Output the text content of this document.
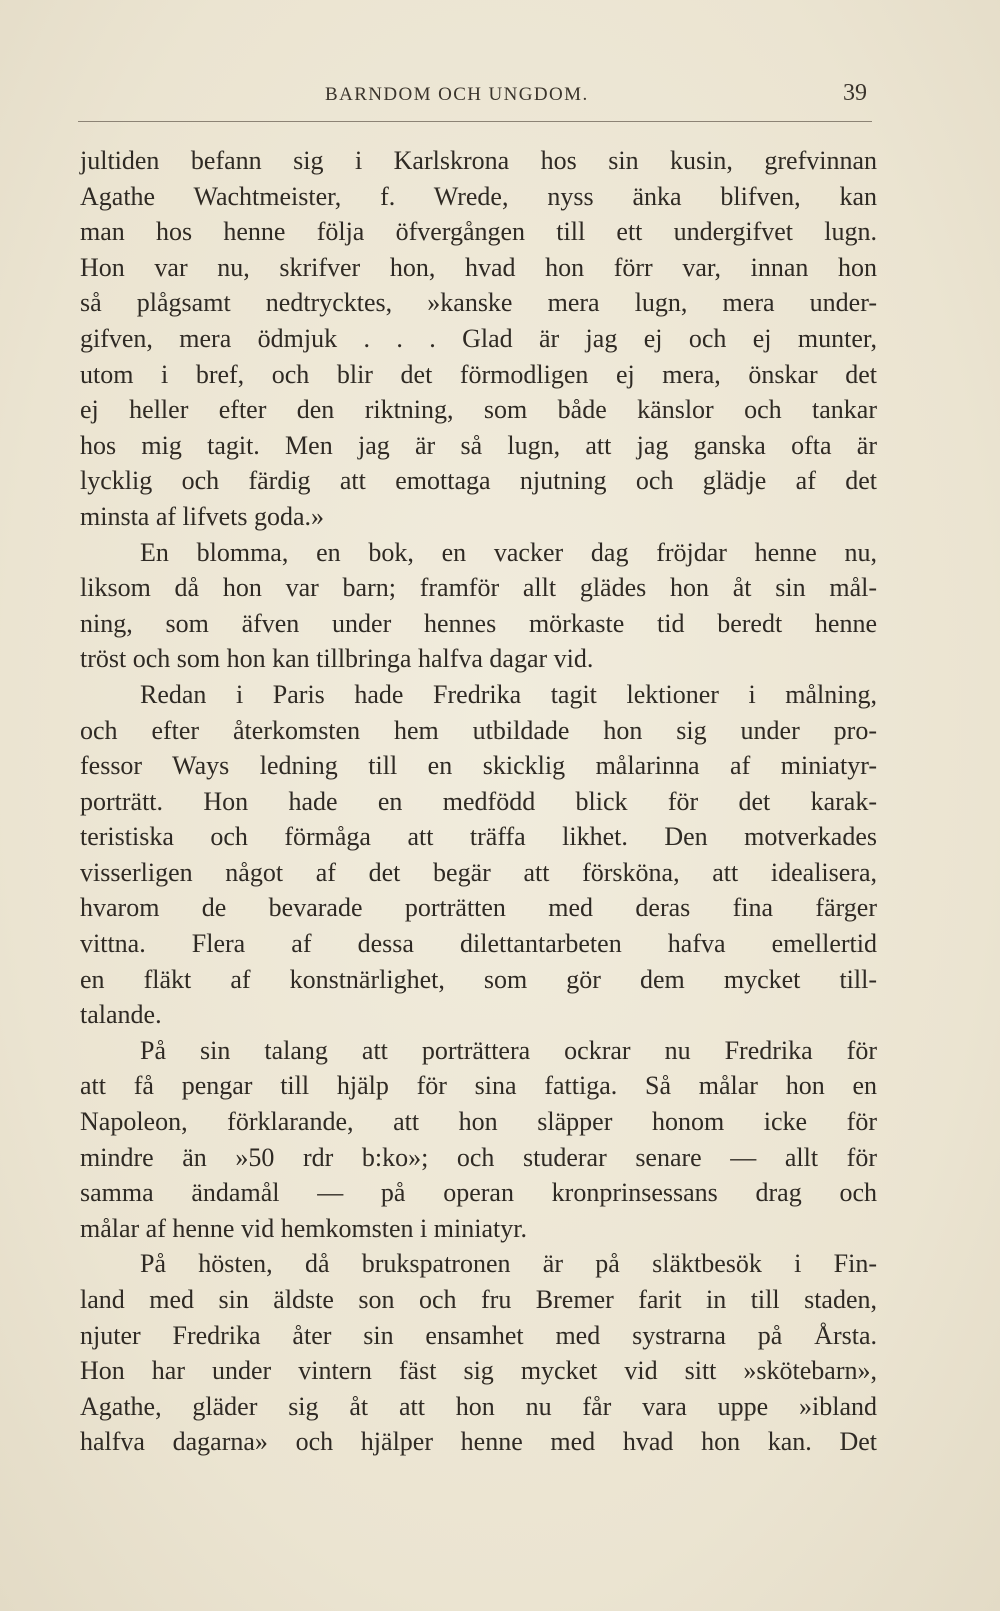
BARNDOM OCH UNGDOM.	39
jultiden befann sig i Karlskrona hos sin kusin, grefvinnan
Agathe Wachtmeister, f. Wrede, nyss änka blifven, kan
man hos henne följa öfvergången till ett undergifvet lugn.
Hon var nu, skrifver hon, hvad hon förr var, innan hon
så plågsamt nedtrycktes, »kanske mera lugn, mera under-
gifven, mera ödmjuk . . . Glad är jag ej och ej munter,
utom i bref, och blir det förmodligen ej mera, önskar det
ej heller efter den riktning, som både känslor och tankar
hos mig tagit. Men jag är så lugn, att jag ganska ofta är
lycklig och färdig att emottaga njutning och glädje af det
minsta af lifvets goda.»
En blomma, en bok, en vacker dag fröjdar henne nu,
liksom då hon var barn; framför allt glädes hon åt sin mål-
ning, som äfven under hennes mörkaste tid beredt henne
tröst och som hon kan tillbringa halfva dagar vid.
Redan i Paris hade Fredrika tagit lektioner i målning,
och efter återkomsten hem utbildade hon sig under pro-
fessor Ways ledning till en skicklig målarinna af miniatyr-
porträtt. Hon hade en medfödd blick för det karak-
teristiska och förmåga att träffa likhet. Den motverkades
visserligen något af det begär att försköna, att idealisera,
hvarom de bevarade porträtten med deras fina färger
vittna. Flera af dessa dilettantarbeten hafva emellertid
en fläkt af konstnärlighet, som gör dem mycket till-
talande.
På sin talang att porträttera ockrar nu Fredrika för
att få pengar till hjälp för sina fattiga. Så målar hon en
Napoleon, förklarande, att hon släpper honom icke för
mindre än »50 rdr b:ko»; och studerar senare — allt för
samma ändamål — på operan kronprinsessans drag och
målar af henne vid hemkomsten i miniatyr.
På hösten, då brukspatronen är på släktbesök i Fin-
land med sin äldste son och fru Bremer farit in till staden,
njuter Fredrika åter sin ensamhet med systrarna på Årsta.
Hon har under vintern fäst sig mycket vid sitt »skötebarn»,
Agathe, gläder sig åt att hon nu får vara uppe »ibland
halfva dagarna» och hjälper henne med hvad hon kan. Det
